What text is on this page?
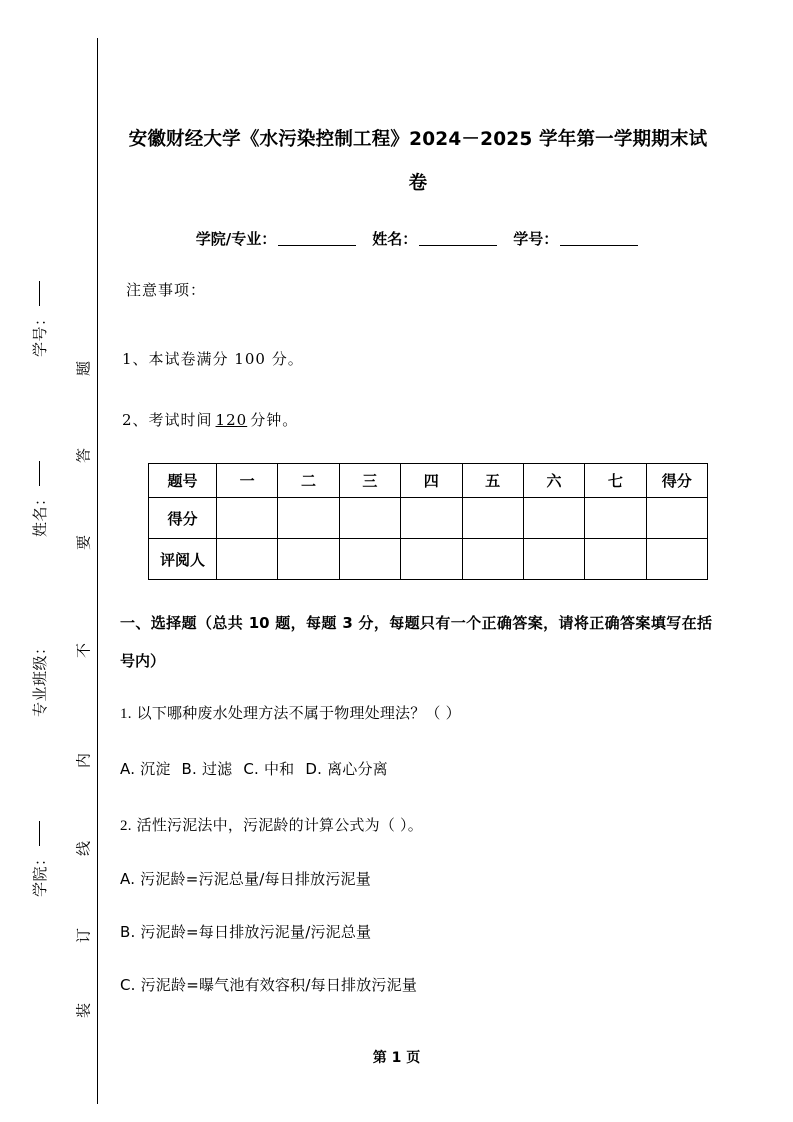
学号：
姓名：
专业班级：
学院：
题
答
要
不
内
线
订
装
安徽财经大学《水污染控制工程》2024－2025 学年第一学期期末试卷
学院/专业：	姓名：	学号：
注意事项：
1、本试卷满分 100 分。
2、考试时间 120 分钟。
题号	一	二	三	四	五	六	七	得分
得分								
评阅人								
一、选择题（总共 10 题，每题 3 分，每题只有一个正确答案，请将正确答案填写在括号内）
1. 以下哪种废水处理方法不属于物理处理法？（ ）
A. 沉淀 B. 过滤 C. 中和 D. 离心分离
2. 活性污泥法中，污泥龄的计算公式为（ ）。
A. 污泥龄=污泥总量/每日排放污泥量
B. 污泥龄=每日排放污泥量/污泥总量
C. 污泥龄=曝气池有效容积/每日排放污泥量
第 1 页
